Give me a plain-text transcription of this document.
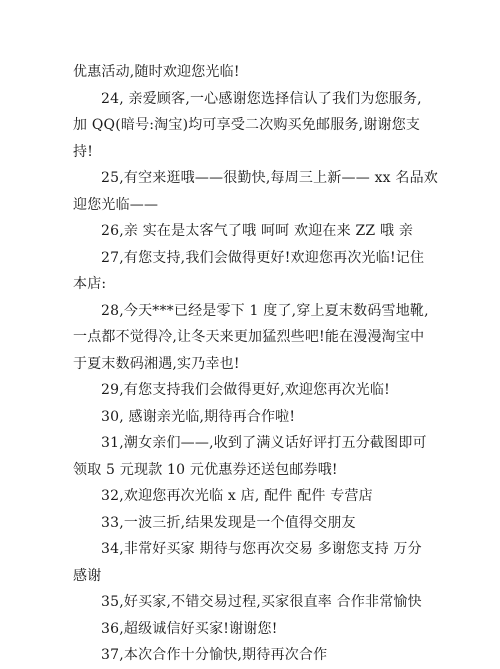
优惠活动,随时欢迎您光临!
24, 亲爱顾客,一心感谢您选择信认了我们为您服务,
加 QQ(暗号:淘宝)均可享受二次购买免邮服务,谢谢您支
持!
25,有空来逛哦——很勤快,每周三上新—— xx 名品欢
迎您光临——
26,亲 实在是太客气了哦 呵呵 欢迎在来 ZZ 哦 亲
27,有您支持,我们会做得更好!欢迎您再次光临!记住
本店:
28,今天***已经是零下 1 度了,穿上夏末数码雪地靴,
一点都不觉得冷,让冬天来更加猛烈些吧!能在漫漫淘宝中
于夏末数码湘遇,实乃幸也!
29,有您支持我们会做得更好,欢迎您再次光临!
30, 感谢亲光临,期待再合作啦!
31,潮女亲们——,收到了满义话好评打五分截图即可
领取 5 元现款 10 元优惠券还送包邮券哦!
32,欢迎您再次光临 x 店, 配件 配件 专营店
33,一波三折,结果发现是一个值得交朋友
34,非常好买家 期待与您再次交易 多谢您支持 万分
感谢
35,好买家,不错交易过程,买家很直率 合作非常愉快
36,超级诚信好买家!谢谢您!
37,本次合作十分愉快,期待再次合作
